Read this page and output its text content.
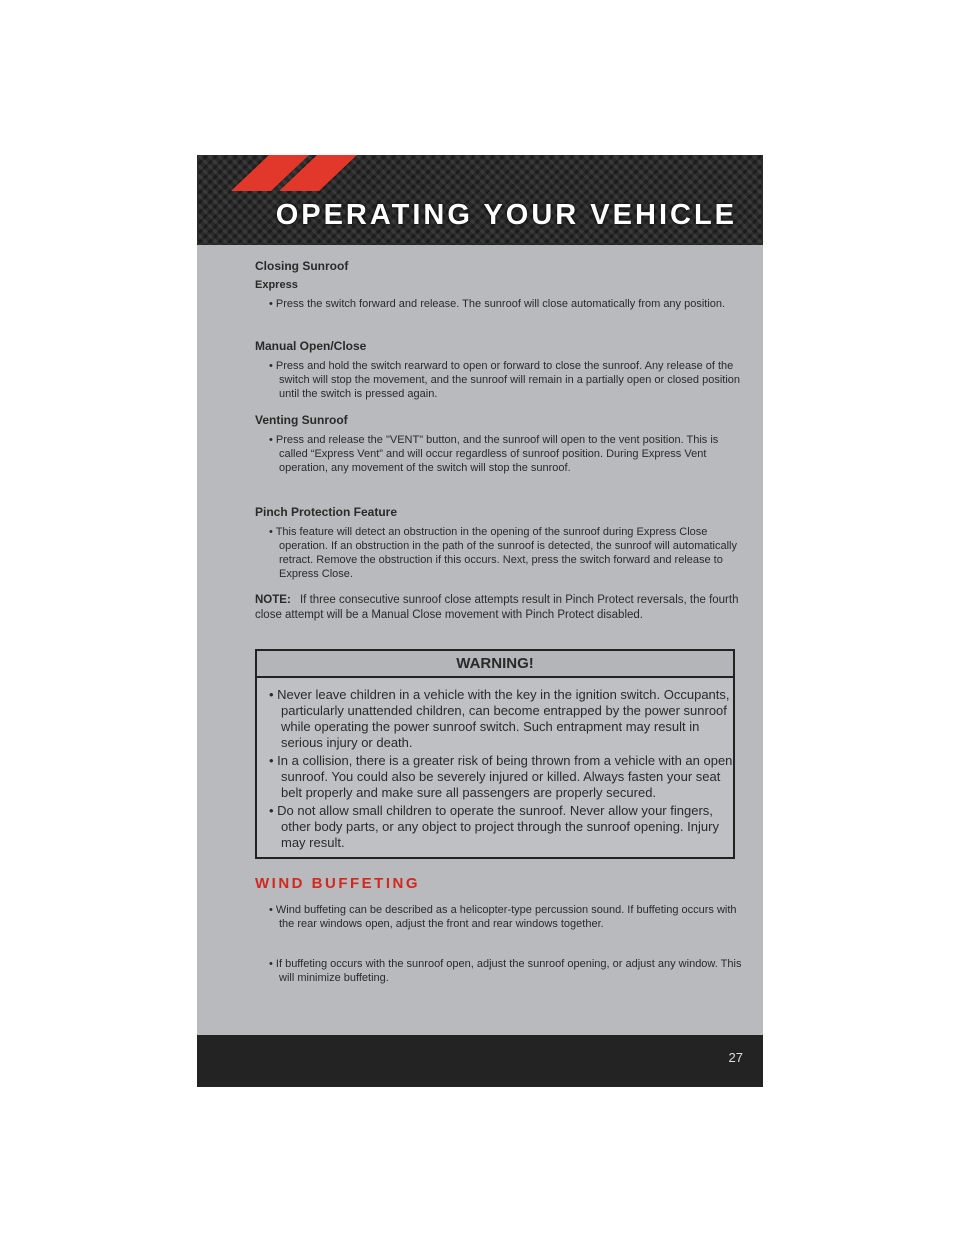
OPERATING YOUR VEHICLE
Closing Sunroof
Express
• Press the switch forward and release. The sunroof will close automatically from any position.
Manual Open/Close
• Press and hold the switch rearward to open or forward to close the sunroof. Any release of the switch will stop the movement, and the sunroof will remain in a partially open or closed position until the switch is pressed again.
Venting Sunroof
• Press and release the "VENT" button, and the sunroof will open to the vent position. This is called “Express Vent” and will occur regardless of sunroof position. During Express Vent operation, any movement of the switch will stop the sunroof.
Pinch Protection Feature
• This feature will detect an obstruction in the opening of the sunroof during Express Close operation. If an obstruction in the path of the sunroof is detected, the sunroof will automatically retract. Remove the obstruction if this occurs. Next, press the switch forward and release to Express Close.
NOTE: If three consecutive sunroof close attempts result in Pinch Protect reversals, the fourth close attempt will be a Manual Close movement with Pinch Protect disabled.
WARNING!
• Never leave children in a vehicle with the key in the ignition switch. Occupants, particularly unattended children, can become entrapped by the power sunroof while operating the power sunroof switch. Such entrapment may result in serious injury or death.
• In a collision, there is a greater risk of being thrown from a vehicle with an open sunroof. You could also be severely injured or killed. Always fasten your seat belt properly and make sure all passengers are properly secured.
• Do not allow small children to operate the sunroof. Never allow your fingers, other body parts, or any object to project through the sunroof opening. Injury may result.
WIND BUFFETING
• Wind buffeting can be described as a helicopter-type percussion sound. If buffeting occurs with the rear windows open, adjust the front and rear windows together.
• If buffeting occurs with the sunroof open, adjust the sunroof opening, or adjust any window. This will minimize buffeting.
27
